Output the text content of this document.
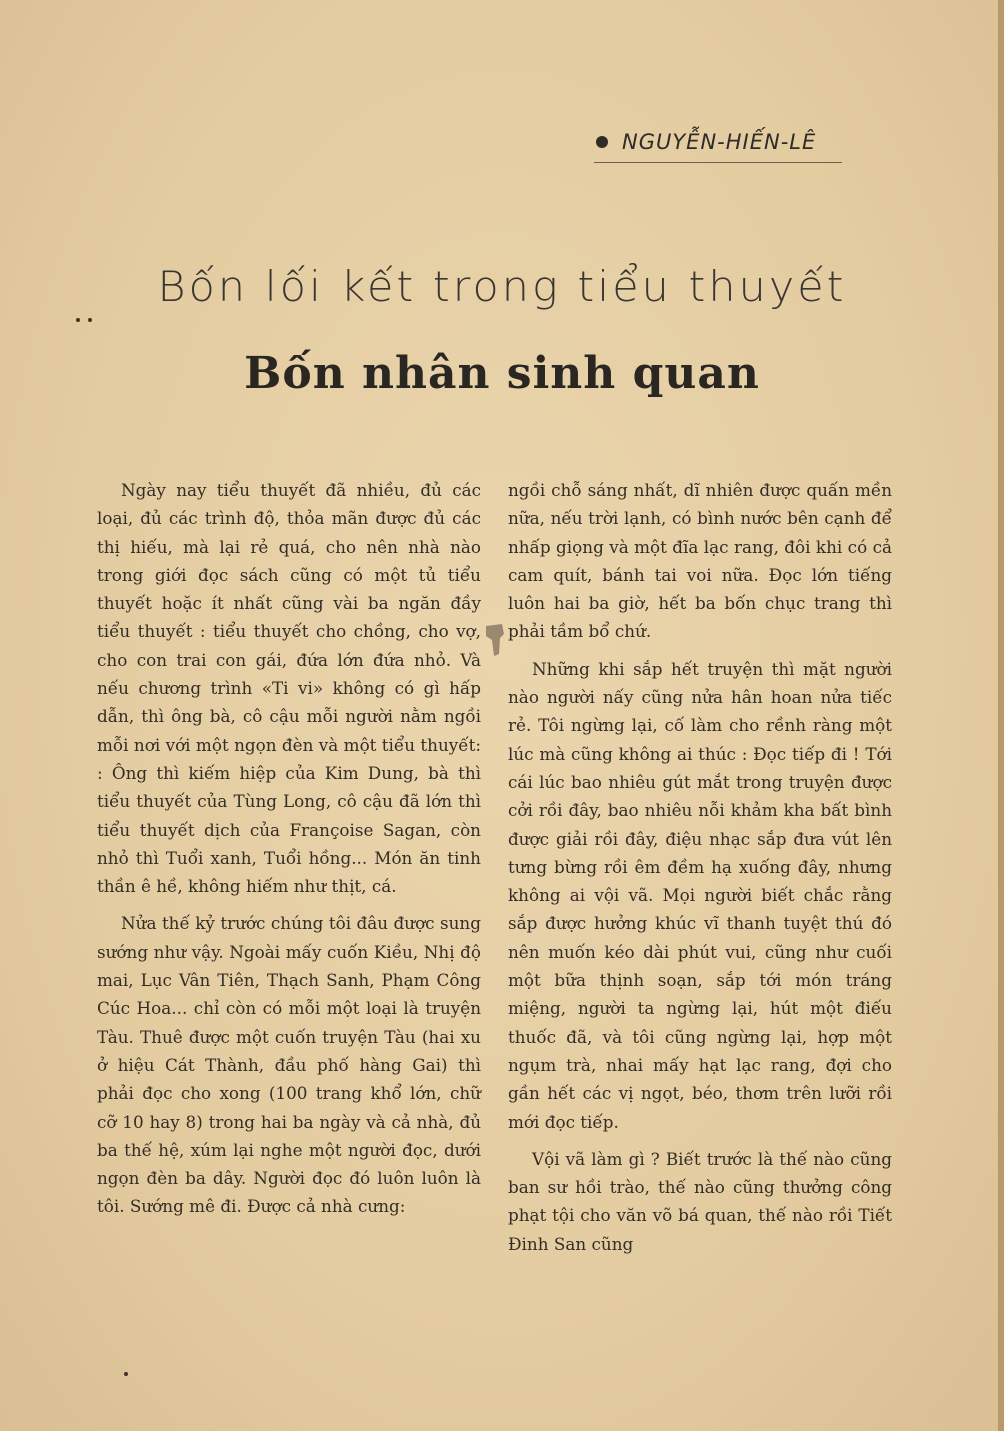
NGUYỄN-HIẾN-LÊ
Bốn lối kết trong tiểu thuyết
Bốn nhân sinh quan

Ngày nay tiểu thuyết đã nhiều, đủ các loại, đủ các trình độ, thỏa mãn được đủ các thị hiếu, mà lại rẻ quá, cho nên nhà nào trong giới đọc sách cũng có một tủ tiểu thuyết hoặc ít nhất cũng vài ba ngăn đầy tiểu thuyết : tiểu thuyết cho chồng, cho vợ, cho con trai con gái, đứa lớn đứa nhỏ. Và nếu chương trình «Ti vi» không có gì hấp dẫn, thì ông bà, cô cậu mỗi người nằm ngồi mỗi nơi với một ngọn đèn và một tiểu thuyết: : Ông thì kiếm hiệp của Kim Dung, bà thì tiểu thuyết của Tùng Long, cô cậu đã lớn thì tiểu thuyết dịch của Françoise Sagan, còn nhỏ thì Tuổi xanh, Tuổi hồng... Món ăn tinh thần ê hề, không hiếm như thịt, cá.

Nửa thế kỷ trước chúng tôi đâu được sung sướng như vậy. Ngoài mấy cuốn Kiều, Nhị độ mai, Lục Vân Tiên, Thạch Sanh, Phạm Công Cúc Hoa... chỉ còn có mỗi một loại là truyện Tàu. Thuê được một cuốn truyện Tàu (hai xu ở hiệu Cát Thành, đầu phố hàng Gai) thì phải đọc cho xong (100 trang khổ lớn, chữ cỡ 10 hay 8) trong hai ba ngày và cả nhà, đủ ba thế hệ, xúm lại nghe một người đọc, dưới ngọn đèn ba dây. Người đọc đó luôn luôn là tôi. Sướng mê đi. Được cả nhà cưng:

ngồi chỗ sáng nhất, dĩ nhiên được quấn mền nữa, nếu trời lạnh, có bình nước bên cạnh để nhấp giọng và một đĩa lạc rang, đôi khi có cả cam quít, bánh tai voi nữa. Đọc lớn tiếng luôn hai ba giờ, hết ba bốn chục trang thì phải tầm bổ chứ.

Những khi sắp hết truyện thì mặt người nào người nấy cũng nửa hân hoan nửa tiếc rẻ. Tôi ngừng lại, cố làm cho rềnh ràng một lúc mà cũng không ai thúc : Đọc tiếp đi ! Tới cái lúc bao nhiêu gút mắt trong truyện được cởi rồi đây, bao nhiêu nỗi khảm kha bất bình được giải rồi đây, điệu nhạc sắp đưa vút lên tưng bừng rồi êm đềm hạ xuống đây, nhưng không ai vội vã. Mọi người biết chắc rằng sắp được hưởng khúc vĩ thanh tuyệt thú đó nên muốn kéo dài phút vui, cũng như cuối một bữa thịnh soạn, sắp tới món tráng miệng, người ta ngừng lại, hút một điếu thuốc đã, và tôi cũng ngừng lại, hợp một ngụm trà, nhai mấy hạt lạc rang, đợi cho gần hết các vị ngọt, béo, thơm trên lưỡi rồi mới đọc tiếp.

Vội vã làm gì ? Biết trước là thế nào cũng ban sư hồi trào, thế nào cũng thưởng công phạt tội cho văn võ bá quan, thế nào rồi Tiết Đinh San cũng
